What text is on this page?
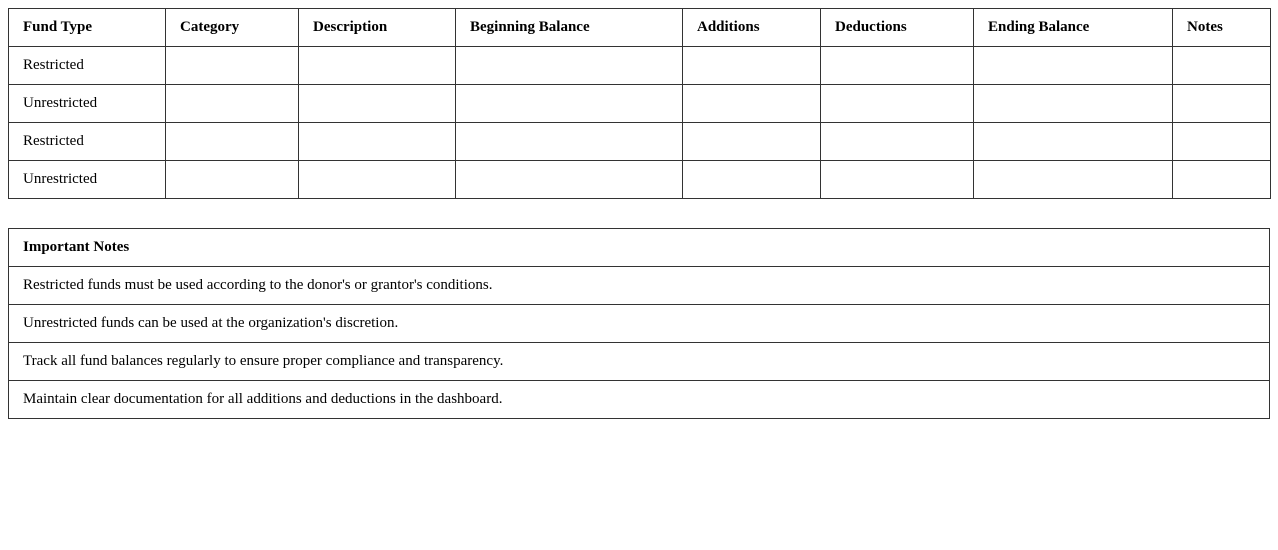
Fund Type	Category	Description	Beginning Balance	Additions	Deductions	Ending Balance	Notes
Restricted							
Unrestricted							
Restricted							
Unrestricted							
Important Notes
Restricted funds must be used according to the donor's or grantor's conditions.
Unrestricted funds can be used at the organization's discretion.
Track all fund balances regularly to ensure proper compliance and transparency.
Maintain clear documentation for all additions and deductions in the dashboard.
